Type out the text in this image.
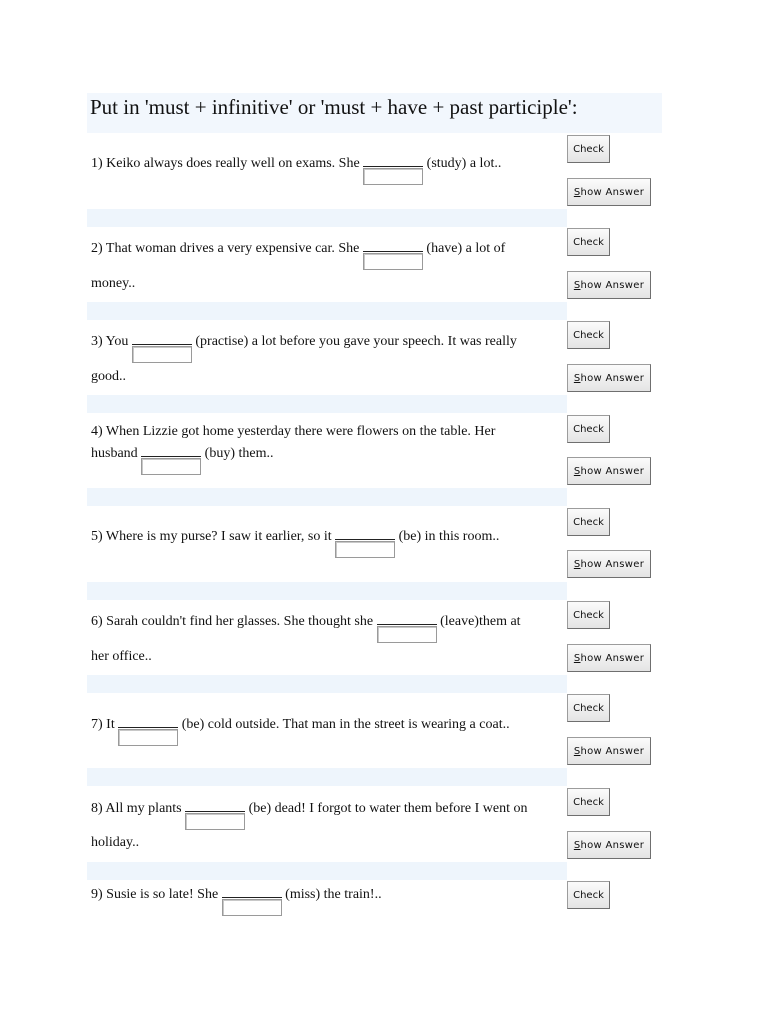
Put in 'must + infinitive' or 'must + have + past participle':
1) Keiko always does really well on exams. She	(study) a lot..
Check
S how Answer
2) That woman drives a very expensive car. She	(have) a lot of
money..
Check
S how Answer
3) You	(practise) a lot before you gave your speech. It was really
good..
Check
S how Answer
4) When Lizzie got home yesterday there were flowers on the table. Her
husband	(buy) them..
Check
S how Answer
5) Where is my purse? I saw it earlier, so it	(be) in this room..
Check
S how Answer
6) Sarah couldn't find her glasses. She thought she	(leave)them at
her office..
Check
S how Answer
7) It	(be) cold outside. That man in the street is wearing a coat..
Check
S how Answer
8) All my plants	(be) dead! I forgot to water them before I went on
holiday..
Check
S how Answer
9) Susie is so late! She	(miss) the train!..	Check
